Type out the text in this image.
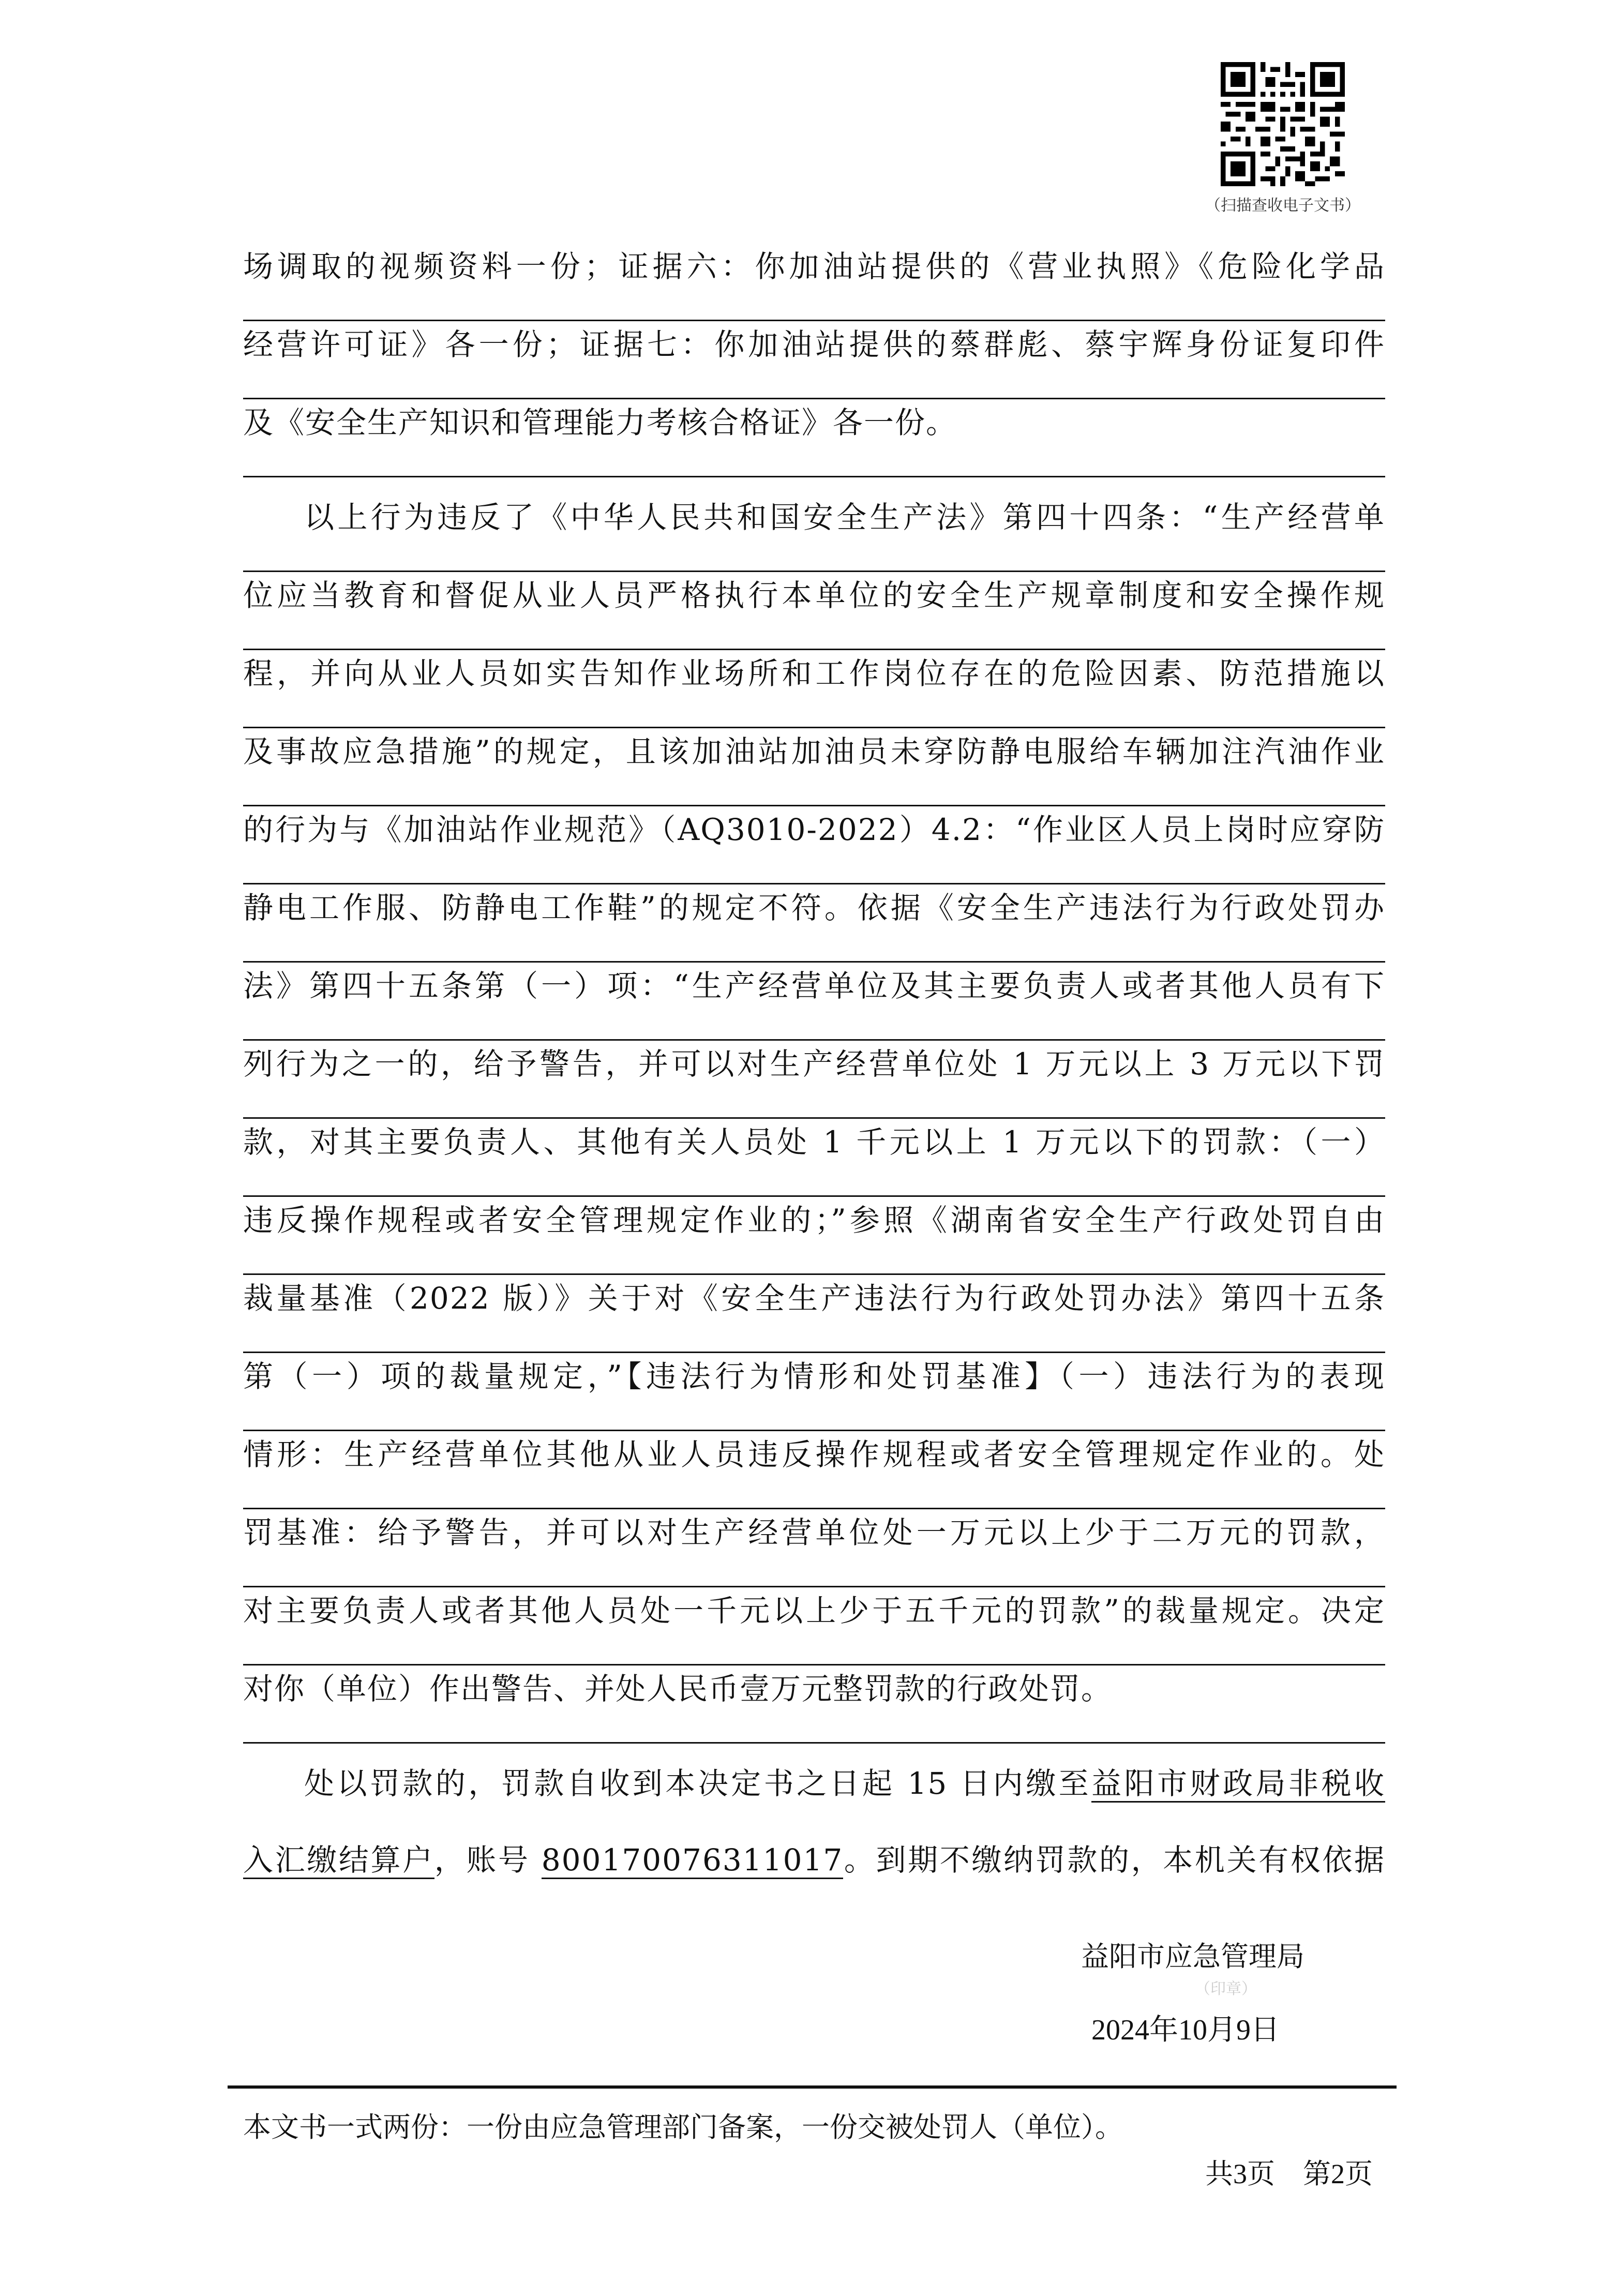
（扫描查收电子文书）
场调取的视频资料一份；证据六：你加油站提供的《营业执照》《危险化学品
经营许可证》各一份；证据七：你加油站提供的蔡群彪、蔡宇辉身份证复印件
及《安全生产知识和管理能力考核合格证》各一份。
以上行为违反了《中华人民共和国安全生产法》第四十四条：“生产经营单
位应当教育和督促从业人员严格执行本单位的安全生产规章制度和安全操作规
程，并向从业人员如实告知作业场所和工作岗位存在的危险因素、防范措施以
及事故应急措施”的规定，且该加油站加油员未穿防静电服给车辆加注汽油作业
的行为与《加油站作业规范》（AQ3010-2022）4.2：“作业区人员上岗时应穿防
静电工作服、防静电工作鞋”的规定不符。依据《安全生产违法行为行政处罚办
法》第四十五条第（一）项：“生产经营单位及其主要负责人或者其他人员有下
列行为之一的，给予警告，并可以对生产经营单位处 1 万元以上 3 万元以下罚
款，对其主要负责人、其他有关人员处 1 千元以上 1 万元以下的罚款：（一）
违反操作规程或者安全管理规定作业的；”参照《湖南省安全生产行政处罚自由
裁量基准（2022 版）》关于对《安全生产违法行为行政处罚办法》第四十五条
第（一）项的裁量规定，”【违法行为情形和处罚基准】（一）违法行为的表现
情形：生产经营单位其他从业人员违反操作规程或者安全管理规定作业的。处
罚基准：给予警告，并可以对生产经营单位处一万元以上少于二万元的罚款，
对主要负责人或者其他人员处一千元以上少于五千元的罚款”的裁量规定。决定
对你（单位）作出警告、并处人民币壹万元整罚款的行政处罚。
处以罚款的，罚款自收到本决定书之日起 15 日内缴至益阳市财政局非税收
入汇缴结算户，账号 800170076311017。到期不缴纳罚款的，本机关有权依据
益阳市应急管理局
（印章）
2024年10月9日
本文书一式两份：一份由应急管理部门备案，一份交被处罚人（单位）。
共3页　第2页
